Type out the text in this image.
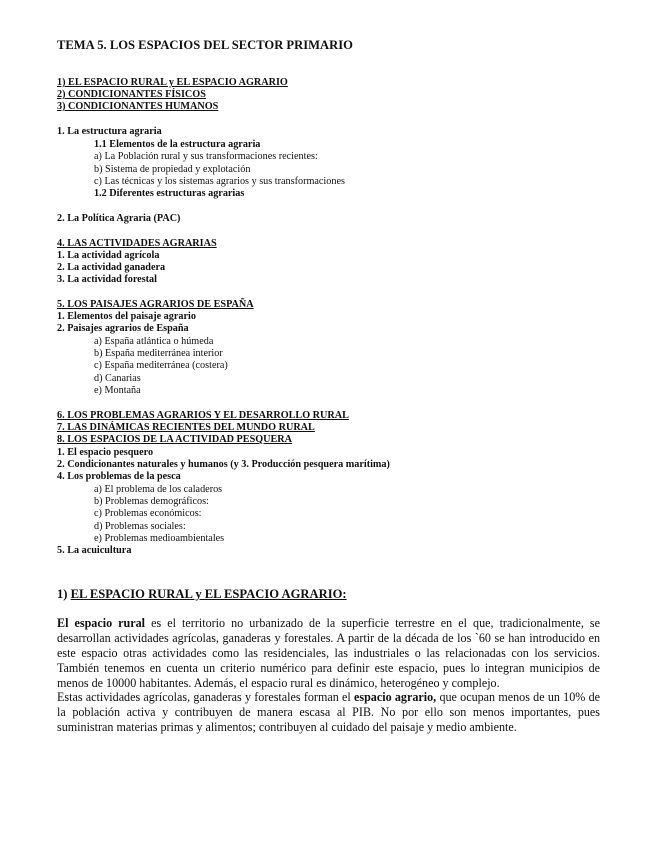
TEMA 5. LOS ESPACIOS DEL SECTOR PRIMARIO
1) EL ESPACIO RURAL y EL ESPACIO AGRARIO
2) CONDICIONANTES FÍSICOS
3) CONDICIONANTES HUMANOS
1. La estructura agraria
1.1 Elementos de la estructura agraria
a) La Población rural y sus transformaciones recientes:
b) Sistema de propiedad y explotación
c) Las técnicas y los sistemas agrarios y sus transformaciones
1.2 Diferentes estructuras agrarias
2. La Política Agraria (PAC)
4. LAS ACTIVIDADES AGRARIAS
1. La actividad agrícola
2. La actividad ganadera
3. La actividad forestal
5. LOS PAISAJES AGRARIOS DE ESPAÑA
1. Elementos del paisaje agrario
2. Paisajes agrarios de España
a) España atlántica o húmeda
b) España mediterránea interior
c) España mediterránea (costera)
d) Canarias
e) Montaña
6. LOS PROBLEMAS AGRARIOS Y EL DESARROLLO RURAL
7. LAS DINÁMICAS RECIENTES DEL MUNDO RURAL
8. LOS ESPACIOS DE LA ACTIVIDAD PESQUERA
1. El espacio pesquero
2. Condicionantes naturales y humanos (y 3. Producción pesquera marítima)
4. Los problemas de la pesca
a) El problema de los caladeros
b) Problemas demográficos:
c) Problemas económicos:
d) Problemas sociales:
e) Problemas medioambientales
5. La acuicultura
1) EL ESPACIO RURAL y EL ESPACIO AGRARIO:
El espacio rural es el territorio no urbanizado de la superficie terrestre en el que, tradicionalmente, se desarrollan actividades agrícolas, ganaderas y forestales. A partir de la década de los `60 se han introducido en este espacio otras actividades como las residenciales, las industriales o las relacionadas con los servicios. También tenemos en cuenta un criterio numérico para definir este espacio, pues lo integran municipios de menos de 10000 habitantes. Además, el espacio rural es dinámico, heterogéneo y complejo.
Estas actividades agrícolas, ganaderas y forestales forman el espacio agrario, que ocupan menos de un 10% de la población activa y contribuyen de manera escasa al PIB. No por ello son menos importantes, pues suministran materias primas y alimentos; contribuyen al cuidado del paisaje y medio ambiente.
